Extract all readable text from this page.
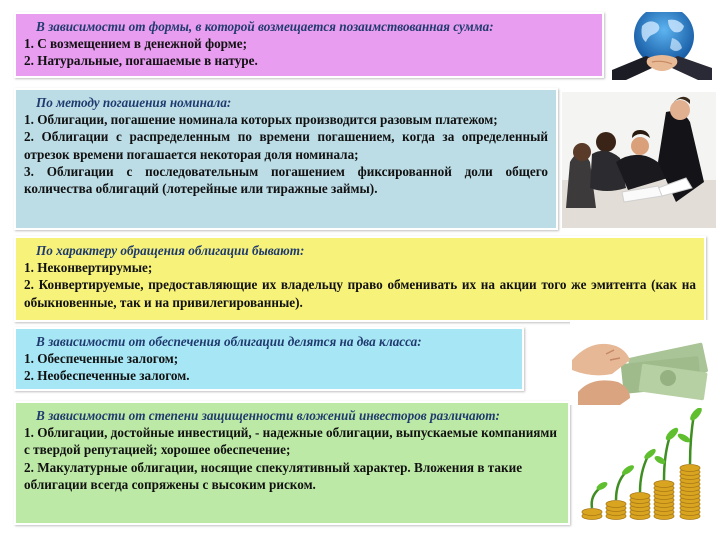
В зависимости от формы, в которой возмещается позаимствованная сумма:
1. С возмещением в денежной форме;
2. Натуральные, погашаемые в натуре.
По методу погашения номинала:
1. Облигации, погашение номинала которых производится разовым платежом;
2. Облигации с распределенным по времени погашением, когда за определенный отрезок времени погашается некоторая доля номинала;
3. Облигации с последовательным погашением фиксированной доли общего количества облигаций (лотерейные или тиражные займы).
По характеру обращения облигации бывают:
1. Неконвертирумые;
2. Конвертируемые, предоставляющие их владельцу право обменивать их на акции того же эмитента (как на обыкновенные, так и на привилегированные).
В зависимости от обеспечения облигации делятся на два класса:
1. Обеспеченные залогом;
2. Необеспеченные залогом.
В зависимости от степени защищенности вложений инвесторов различают:
1. Облигации, достойные инвестиций, - надежные облигации, выпускаемые компаниями с твердой репутацией; хорошее обеспечение;
2. Макулатурные облигации, носящие спекулятивный характер. Вложения в такие облигации всегда сопряжены с высоким риском.
